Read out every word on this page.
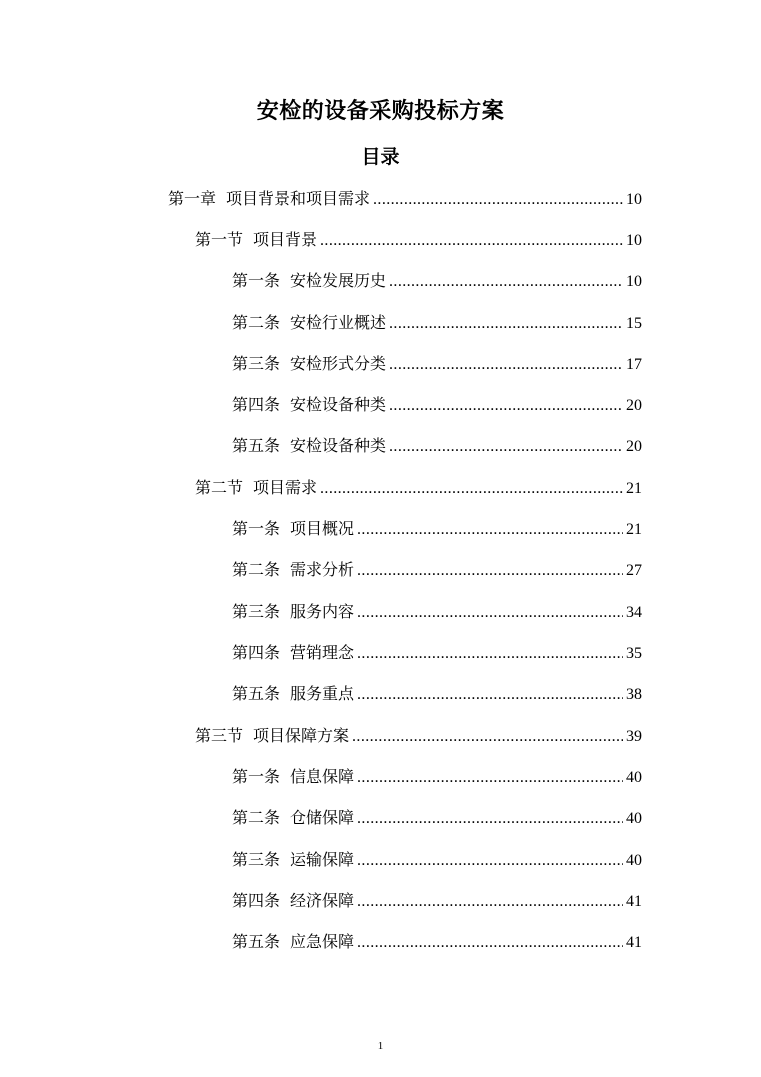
安检的设备采购投标方案
目录
第一章 项目背景和项目需求 .....	10
第一节 项目背景 .....	10
第一条 安检发展历史 .....	10
第二条 安检行业概述 .....	15
第三条 安检形式分类 .....	17
第四条 安检设备种类 .....	20
第五条 安检设备种类 .....	20
第二节 项目需求 .....	21
第一条 项目概况 .....	21
第二条 需求分析 .....	27
第三条 服务内容 .....	34
第四条 营销理念 .....	35
第五条 服务重点 .....	38
第三节 项目保障方案 .....	39
第一条 信息保障 .....	40
第二条 仓储保障 .....	40
第三条 运输保障 .....	40
第四条 经济保障 .....	41
第五条 应急保障 .....	41
1
